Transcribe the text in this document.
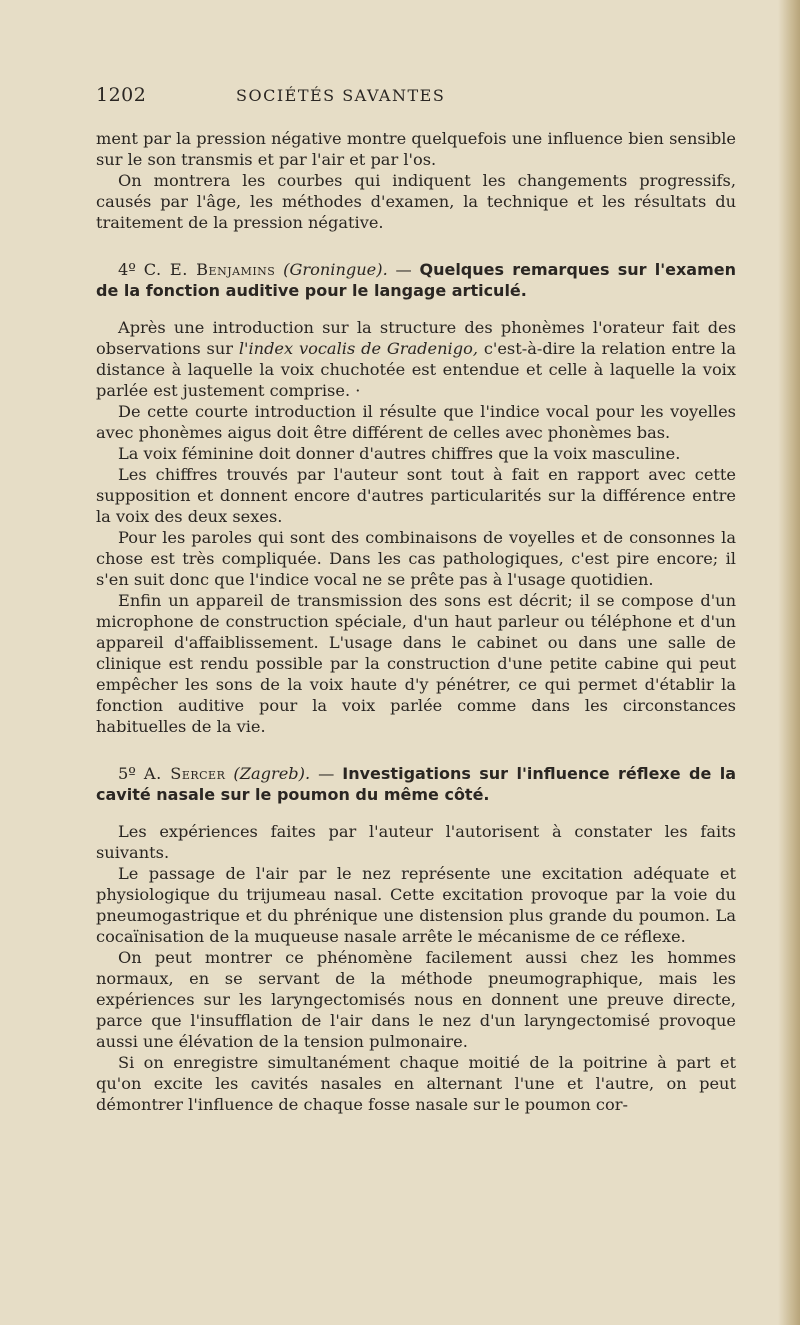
1202	SOCIÉTÉS SAVANTES

ment par la pression négative montre quelquefois une influence bien sensible sur le son transmis et par l'air et par l'os.

On montrera les courbes qui indiquent les changements progressifs, causés par l'âge, les méthodes d'examen, la technique et les résultats du traitement de la pression négative.

4º C. E. Benjamins (Groningue). — Quelques remarques sur l'examen de la fonction auditive pour le langage articulé.

Après une introduction sur la structure des phonèmes l'orateur fait des observations sur l'index vocalis de Gradenigo, c'est-à-dire la relation entre la distance à laquelle la voix chuchotée est entendue et celle à laquelle la voix parlée est justement comprise. ·

De cette courte introduction il résulte que l'indice vocal pour les voyelles avec phonèmes aigus doit être différent de celles avec phonèmes bas.

La voix féminine doit donner d'autres chiffres que la voix masculine.

Les chiffres trouvés par l'auteur sont tout à fait en rapport avec cette supposition et donnent encore d'autres particularités sur la différence entre la voix des deux sexes.

Pour les paroles qui sont des combinaisons de voyelles et de consonnes la chose est très compliquée. Dans les cas pathologiques, c'est pire encore; il s'en suit donc que l'indice vocal ne se prête pas à l'usage quotidien.

Enfin un appareil de transmission des sons est décrit; il se compose d'un microphone de construction spéciale, d'un haut parleur ou téléphone et d'un appareil d'affaiblissement. L'usage dans le cabinet ou dans une salle de clinique est rendu possible par la construction d'une petite cabine qui peut empêcher les sons de la voix haute d'y pénétrer, ce qui permet d'établir la fonction auditive pour la voix parlée comme dans les circonstances habituelles de la vie.

5º A. Sercer (Zagreb). — Investigations sur l'influence réflexe de la cavité nasale sur le poumon du même côté.

Les expériences faites par l'auteur l'autorisent à constater les faits suivants.

Le passage de l'air par le nez représente une excitation adéquate et physiologique du trijumeau nasal. Cette excitation provoque par la voie du pneumogastrique et du phrénique une distension plus grande du poumon. La cocaïnisation de la muqueuse nasale arrête le mécanisme de ce réflexe.

On peut montrer ce phénomène facilement aussi chez les hommes normaux, en se servant de la méthode pneumographique, mais les expériences sur les laryngectomisés nous en donnent une preuve directe, parce que l'insufflation de l'air dans le nez d'un laryngectomisé provoque aussi une élévation de la tension pulmonaire.

Si on enregistre simultanément chaque moitié de la poitrine à part et qu'on excite les cavités nasales en alternant l'une et l'autre, on peut démontrer l'influence de chaque fosse nasale sur le poumon cor-
